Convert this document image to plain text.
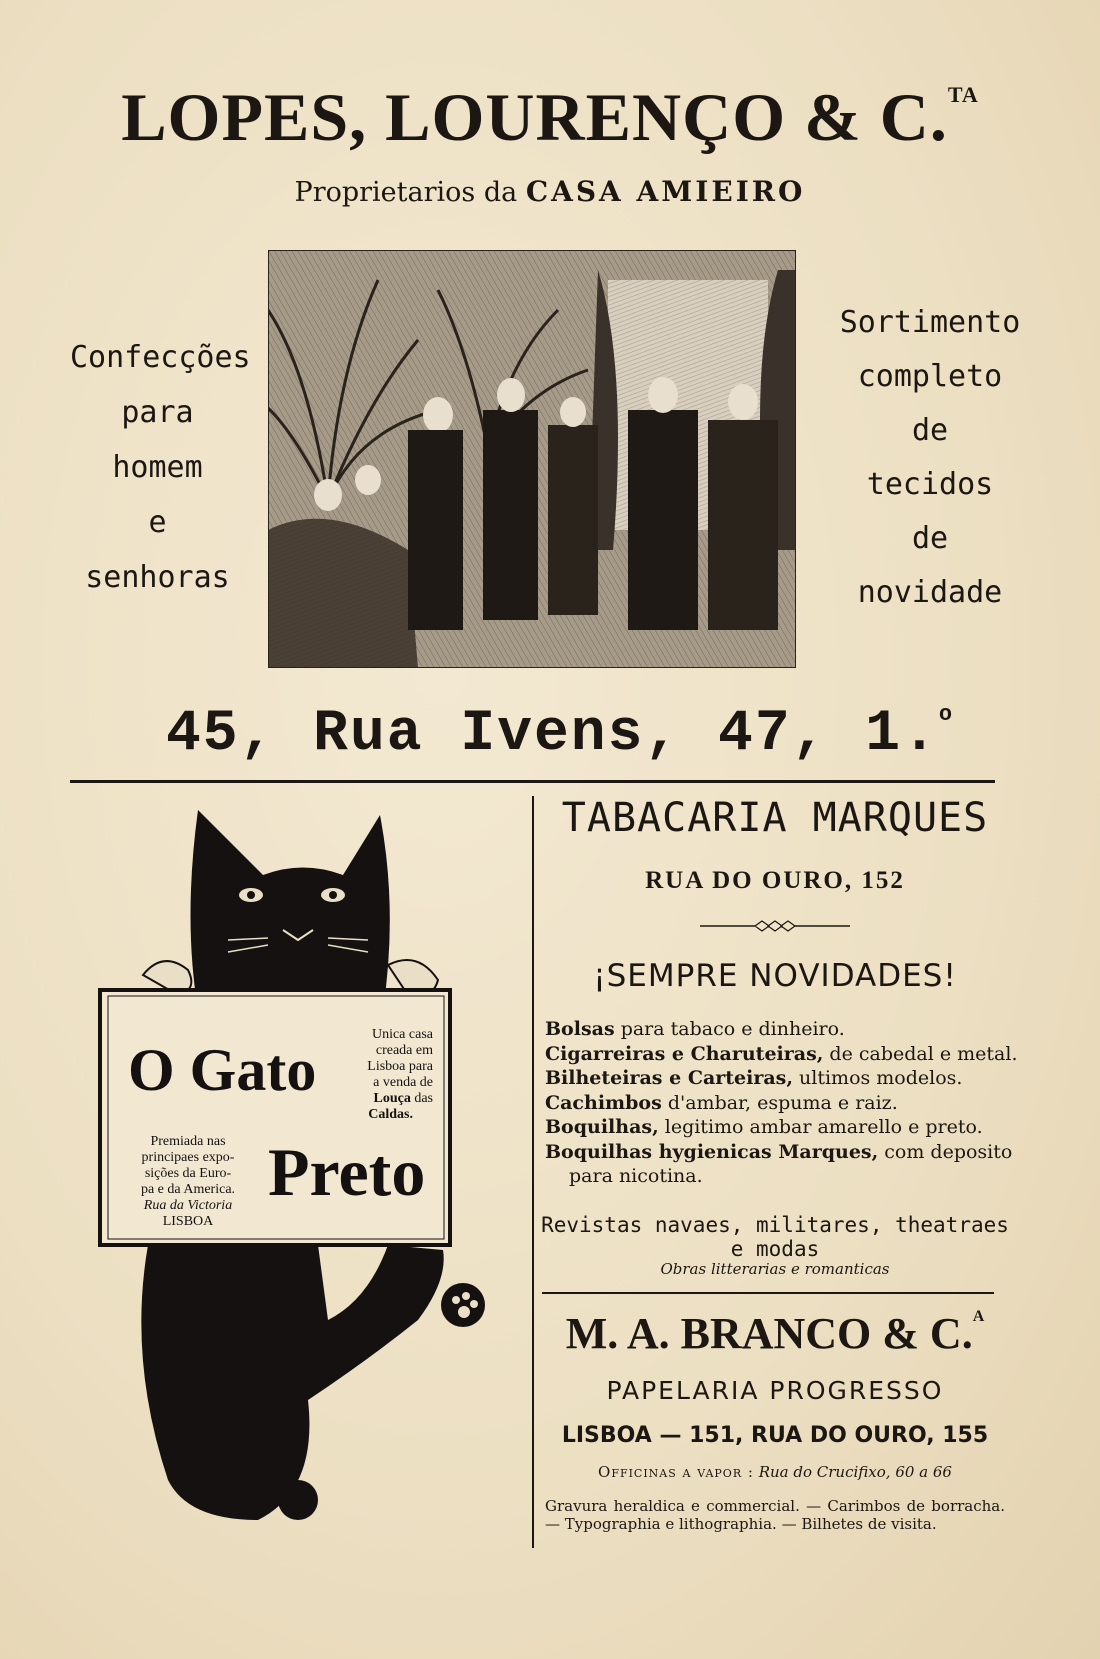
LOPES, LOURENÇO & C.$^{TA}$
Proprietarios da CASA AMIEIRO
Confecções
para
homem
e
senhoras
Sortimento
completo
de
tecidos
de
novidade
45, Rua Ivens, 47, 1.$^o$
O Gato
Preto
Unica casa
creada em
Lisboa para
a venda de
Louça das
Caldas.
Premiada nas
principaes expo-
sições da Euro-
pa e da America.
Rua da Victoria
LISBOA
TABACARIA MARQUES
RUA DO OURO, 152
¡SEMPRE NOVIDADES!
Bolsas para tabaco e dinheiro.
Cigarreiras e Charuteiras, de cabedal e metal.
Bilheteiras e Carteiras, ultimos modelos.
Cachimbos d'ambar, espuma e raiz.
Boquilhas, legitimo ambar amarello e preto.
Boquilhas hygienicas Marques, com deposito
para nicotina.
Revistas navaes, militares, theatraes e modas
Obras litterarias e romanticas
M. A. BRANCO & C.$^A$
PAPELARIA PROGRESSO
LISBOA — 151, RUA DO OURO, 155
Officinas a vapor : Rua do Crucifixo, 60 a 66
Gravura heraldica e commercial. — Carimbos de borracha. — Typographia e lithographia. — Bilhetes de visita.
